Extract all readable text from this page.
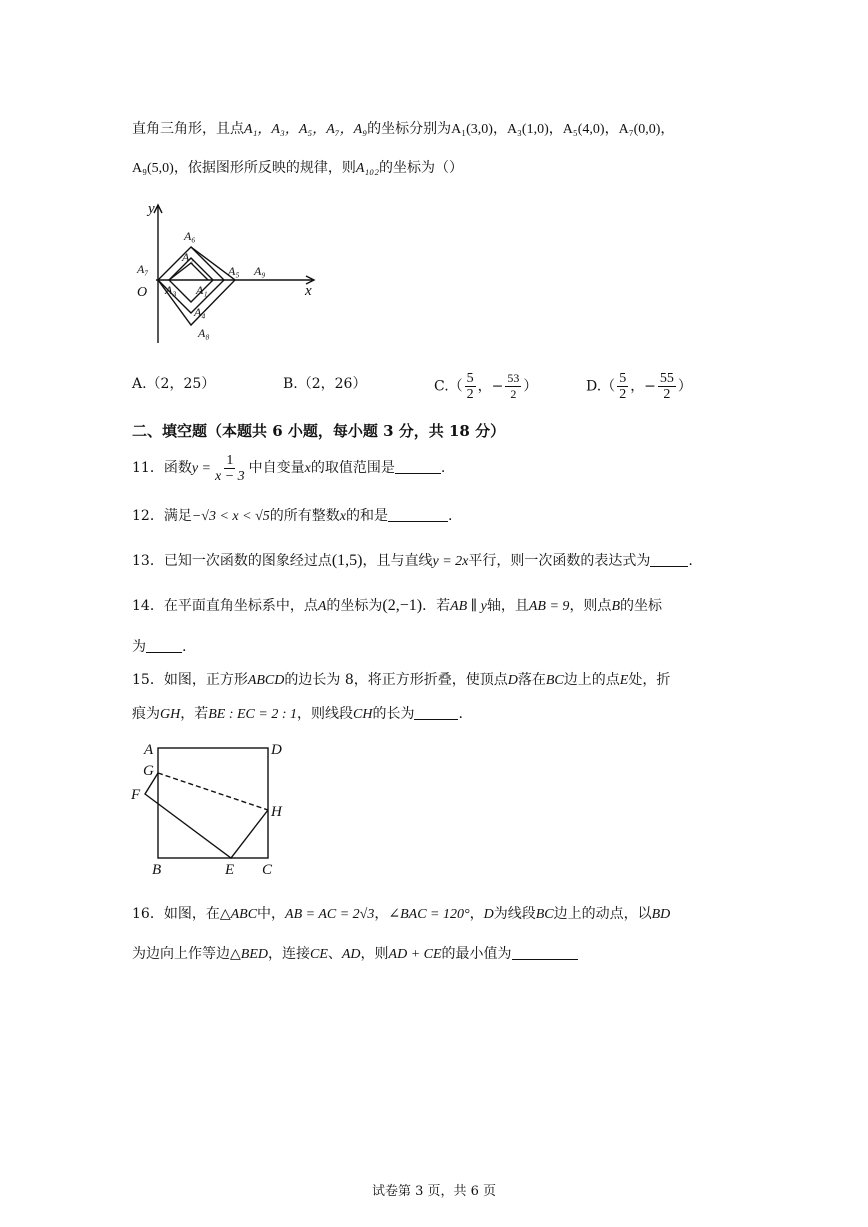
直角三角形，且点A₁，A₃，A₅，A₇，A₉的坐标分别为A₁(3,0)，A₃(1,0)，A₅(4,0)，A₇(0,0)，
A₉(5,0)，依据图形所反映的规律，则A₁₀₂的坐标为（）
y
x
O
A₆
A₂
A₇	A₅ A₉
A₃ A₁
A₄
A₈
A.（2，25）	B.（2，26）	$C.( \frac{5}{2}$ ，− $\frac{53}{2}$ ）	$D.( \frac{5}{2}$ ，− $\frac{55}{2}$ ）
二、填空题（本题共 6 小题，每小题 3 分，共 18 分）
11．函数$y = \frac{1}{x - 3}$ 中自变量x的取值范围是	.
12．满足−√3 < x < √5的所有整数x的和是	.
13．已知一次函数的图象经过点(1,5)，且与直线y = 2x平行，则一次函数的表达式为	.
14．在平面直角坐标系中，点A的坐标为(2,−1)．若AB ∥ y轴，且AB = 9，则点B的坐标
为	.
15．如图，正方形ABCD的边长为 8，将正方形折叠，使顶点D落在BC边上的点E处，折
痕为GH，若BE : EC = 2 : 1，则线段CH的长为	.
A	D
G
F
H
B	E C
16．如图，在△ABC中，AB = AC = 2√3，∠BAC = 120°，D为线段BC边上的动点，以BD
为边向上作等边△BED，连接CE、AD，则AD + CE的最小值为
试卷第 3 页，共 6 页
